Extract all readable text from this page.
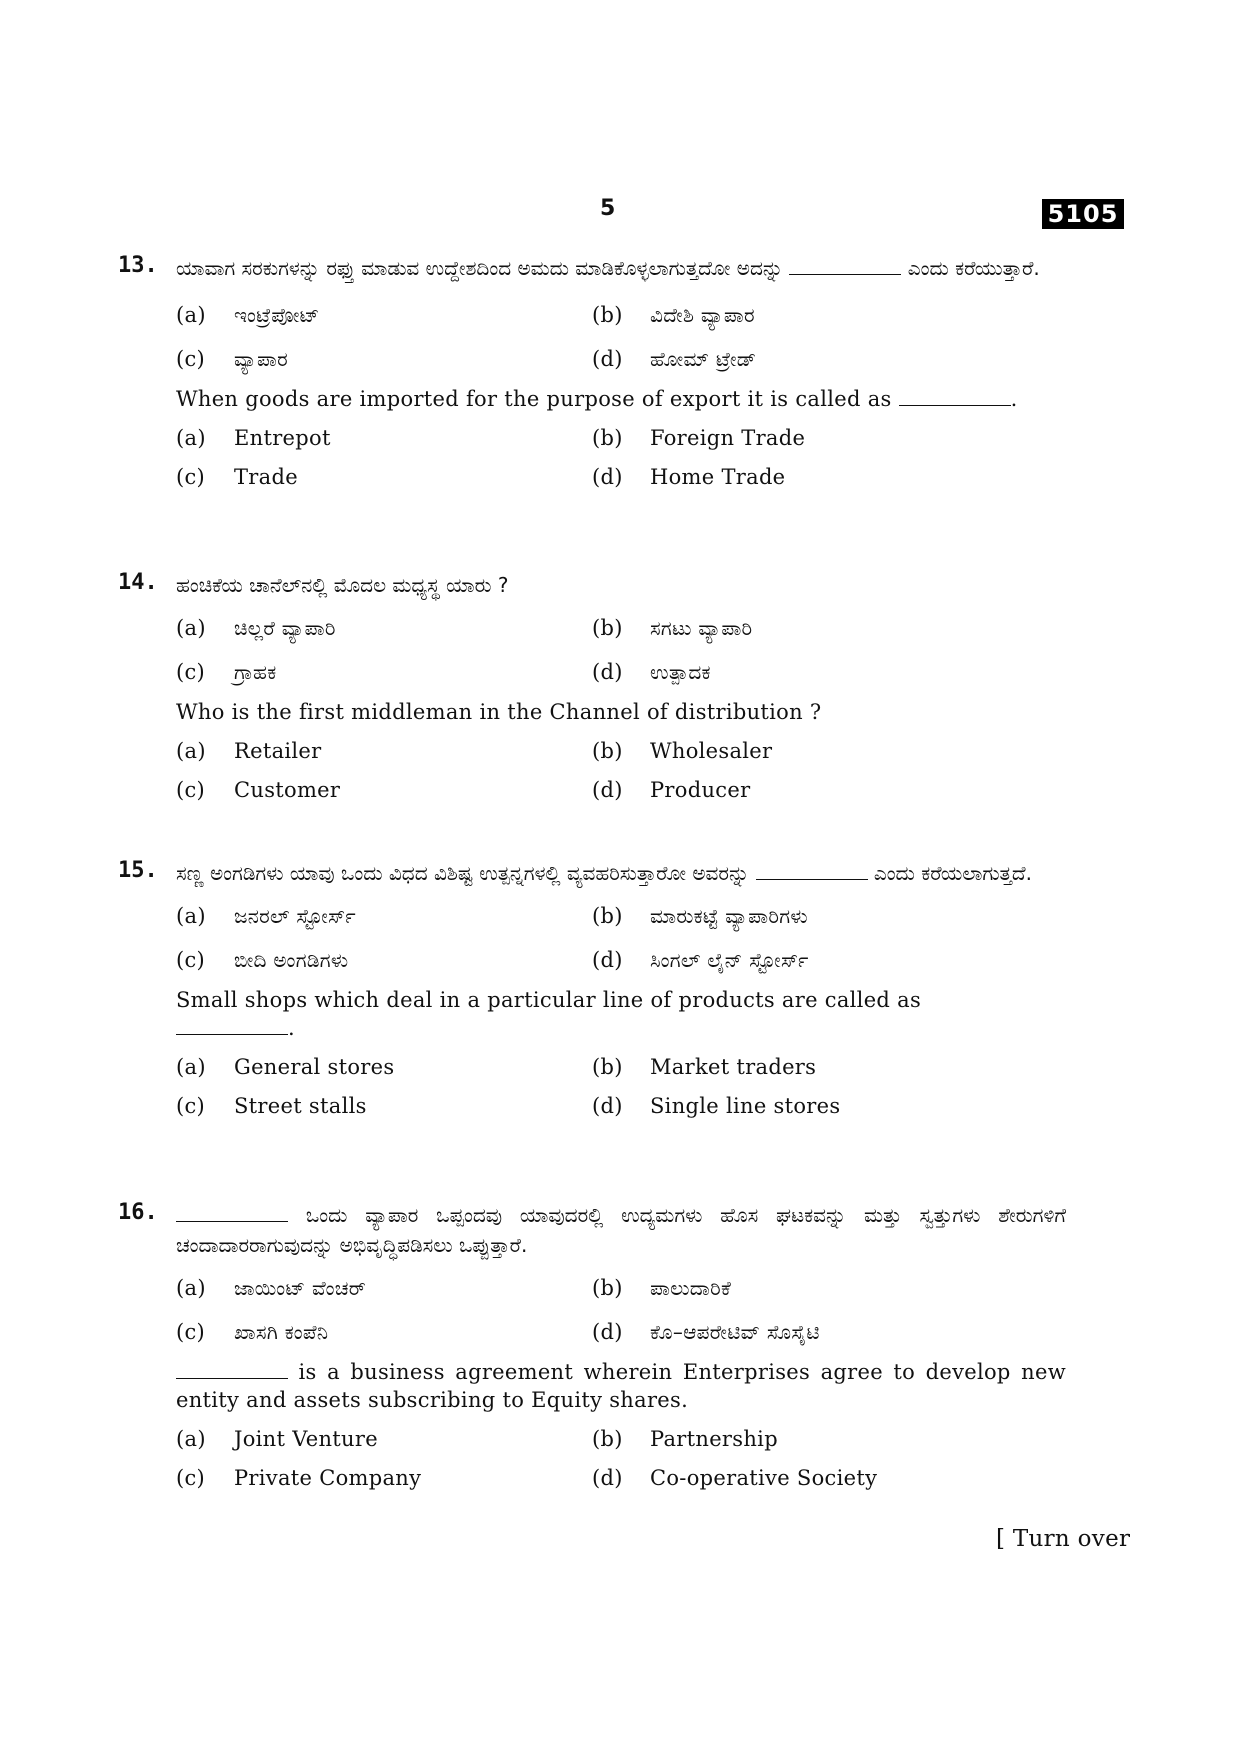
5	5105
13. ಯಾವಾಗ ಸರಕುಗಳನ್ನು ರಫ್ತು ಮಾಡುವ ಉದ್ದೇಶದಿಂದ ಅಮದು ಮಾಡಿಕೊಳ್ಳಲಾಗುತ್ತದೋ ಅದನ್ನು	ಎಂದು ಕರೆಯುತ್ತಾರೆ.

(a)	ಇಂಟ್ರೆಪೋಟ್	(b)	ವಿದೇಶಿ ವ್ಯಾಪಾರ
(c)	ವ್ಯಾಪಾರ	(d)	ಹೋಮ್ ಟ್ರೇಡ್

When goods are imported for the purpose of export it is called as	.

(a)	Entrepot	(b)	Foreign Trade
(c)	Trade	(d)	Home Trade
14. ಹಂಚಿಕೆಯ ಚಾನೆಲ್‌ನಲ್ಲಿ ಮೊದಲ ಮಧ್ಯಸ್ಥ ಯಾರು ?

(a)	ಚಿಲ್ಲರೆ ವ್ಯಾಪಾರಿ	(b)	ಸಗಟು ವ್ಯಾಪಾರಿ
(c)	ಗ್ರಾಹಕ	(d)	ಉತ್ಪಾದಕ

Who is the first middleman in the Channel of distribution ?

(a)	Retailer	(b)	Wholesaler
(c)	Customer	(d)	Producer
15. ಸಣ್ಣ ಅಂಗಡಿಗಳು ಯಾವು ಒಂದು ವಿಧದ ವಿಶಿಷ್ಟ ಉತ್ಪನ್ನಗಳಲ್ಲಿ ವ್ಯವಹರಿಸುತ್ತಾರೋ ಅವರನ್ನು	ಎಂದು ಕರೆಯಲಾಗುತ್ತದೆ.

(a)	ಜನರಲ್ ಸ್ಟೋರ್ಸ್	(b)	ಮಾರುಕಟ್ಟೆ ವ್ಯಾಪಾರಿಗಳು
(c)	ಬೀದಿ ಅಂಗಡಿಗಳು	(d)	ಸಿಂಗಲ್ ಲೈನ್ ಸ್ಟೋರ್ಸ್

Small shops which deal in a particular line of products are called as
.

(a)	General stores	(b)	Market traders
(c)	Street stalls	(d)	Single line stores
16.	ಒಂದು ವ್ಯಾಪಾರ ಒಪ್ಪಂದವು ಯಾವುದರಲ್ಲಿ ಉದ್ಯಮಗಳು ಹೊಸ ಘಟಕವನ್ನು ಮತ್ತು ಸ್ವತ್ತುಗಳು ಶೇರುಗಳಿಗೆ ಚಂದಾದಾರರಾಗುವುದನ್ನು ಅಭಿವೃದ್ಧಿಪಡಿಸಲು ಒಪ್ಪುತ್ತಾರೆ.

(a)	ಜಾಯಿಂಟ್ ವೆಂಚರ್	(b)	ಪಾಲುದಾರಿಕೆ
(c)	ಖಾಸಗಿ ಕಂಪೆನಿ	(d)	ಕೊ–ಆಪರೇಟಿವ್ ಸೊಸೈಟಿ

is a business agreement wherein Enterprises agree to develop new entity and assets subscribing to Equity shares.

(a)	Joint Venture	(b)	Partnership
(c)	Private Company	(d)	Co-operative Society
[ Turn over
